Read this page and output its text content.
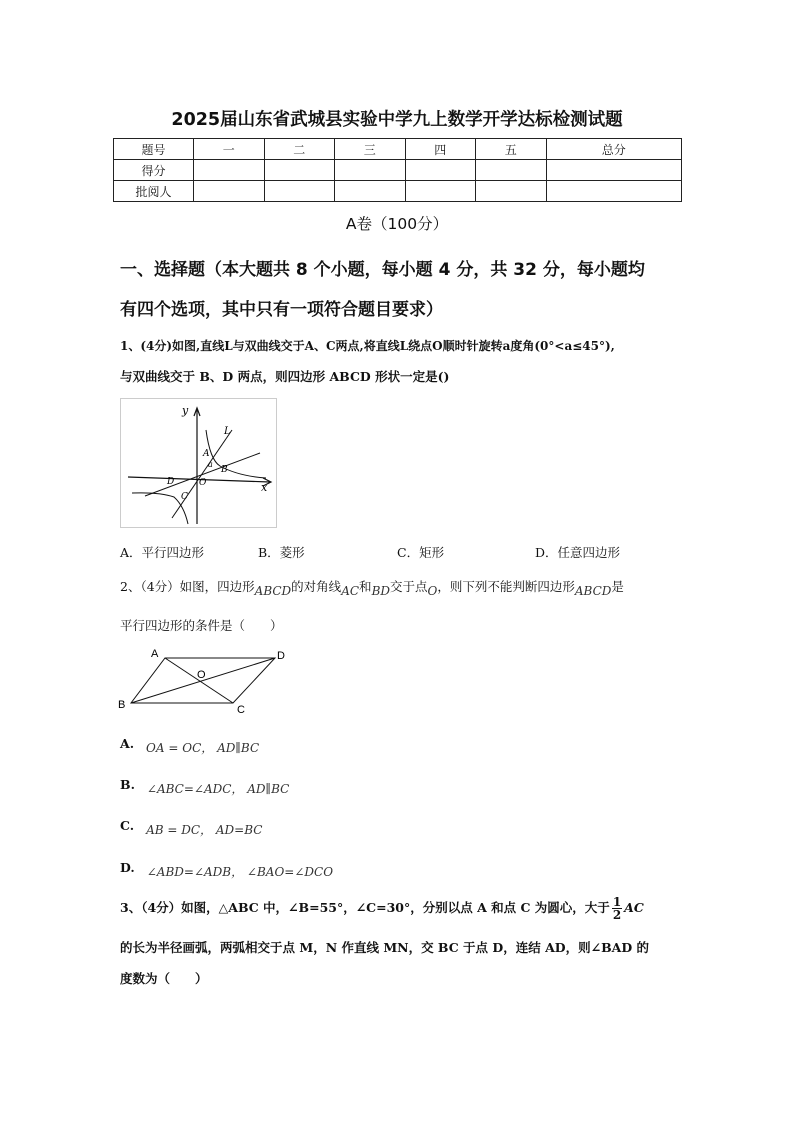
2025届山东省武城县实验中学九上数学开学达标检测试题
题号	一	二	三	四	五	总分
得分						
批阅人						
A卷（100分）
一、选择题（本大题共 8 个小题，每小题 4 分，共 32 分，每小题均
有四个选项，其中只有一项符合题目要求）
1、(4分)如图,直线L与双曲线交于A、C两点,将直线L绕点O顺时针旋转a度角(0°<a≤45°),
与双曲线交于 B、D 两点，则四边形 ABCD 形状一定是()
y
x
L
A
B
a
O
D
C
A．平行四边形	B．菱形	C．矩形	D．任意四边形
2、（4分）如图，四边形ABCD的对角线AC和BD交于点O，则下列不能判断四边形ABCD是
平行四边形的条件是（　　）
A	D
O
B	C
A. OA = OC， AD∥BC
B. ∠ABC=∠ADC， AD∥BC
C. AB = DC， AD=BC
D. ∠ABD=∠ADB， ∠BAO=∠DCO
3、（4分）如图，△ABC 中，∠B=55°，∠C=30°，分别以点 A 和点 C 为圆心，大于 $\frac{1}{2}$ AC
的长为半径画弧，两弧相交于点 M，N 作直线 MN，交 BC 于点 D，连结 AD，则∠BAD 的
度数为（　　）
